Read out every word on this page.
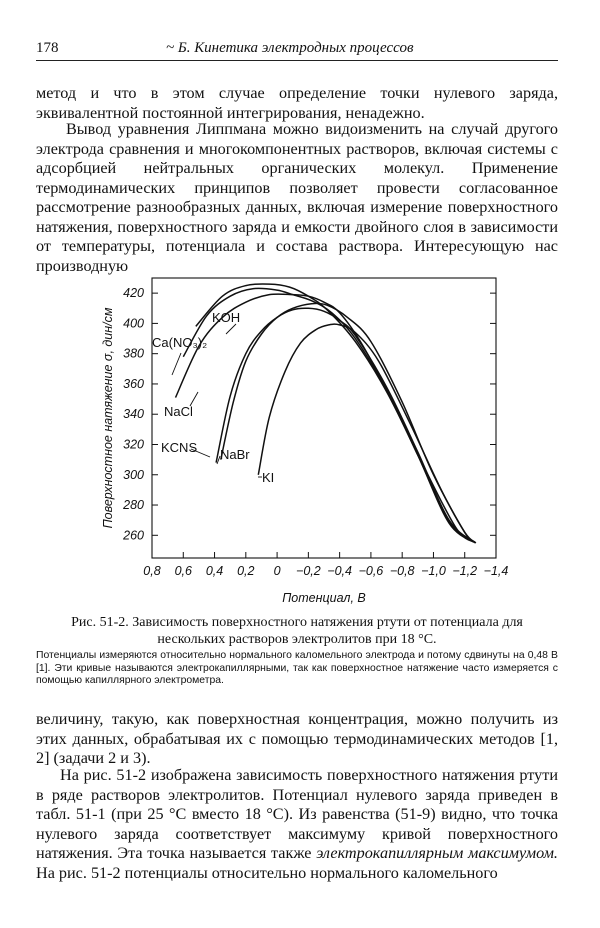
178	~ Б. Кинетика электродных процессов

метод и что в этом случае определение точки нулевого заряда, эквивалентной постоянной интегрирования, ненадежно.

Вывод уравнения Липпмана можно видоизменить на случай другого электрода сравнения и многокомпонентных растворов, включая системы с адсорбцией нейтральных органических молекул. Применение термодинамических принципов позволяет провести согласованное рассмотрение разнообразных данных, включая измерение поверхностного натяжения, поверхностного заряда и емкости двойного слоя в зависимости от температуры, потенциала и состава раствора. Интересующую нас производную

0,8 0,6 0,4 0,2 0 −0,2 −0,4 −0,6 −0,8 −1,0 −1,2 −1,4
260
280
300
320
340
360
380
400
420
Потенциал, В
Поверхностное натяжение σ, дин/см	KOH
Ca(NO₃)₂
NaCl
KCNS NaBr
KI
Рис. 51-2. Зависимость поверхностного натяжения ртути от потенциала для нескольких растворов электролитов при 18 °С.
Потенциалы измеряются относительно нормального каломельного электрода и потому сдвинуты на 0,48 В [1]. Эти кривые называются электрокапиллярными, так как поверхностное натяжение часто измеряется с помощью капиллярного электрометра.

величину, такую, как поверхностная концентрация, можно получить из этих данных, обрабатывая их с помощью термодинамических методов [1, 2] (задачи 2 и 3).

На рис. 51-2 изображена зависимость поверхностного натяжения ртути в ряде растворов электролитов. Потенциал нулевого заряда приведен в табл. 51-1 (при 25 °С вместо 18 °С). Из равенства (51-9) видно, что точка нулевого заряда соответствует максимуму кривой поверхностного натяжения. Эта точка называется также электрокапиллярным максимумом. На рис. 51-2 потенциалы относительно нормального каломельного
